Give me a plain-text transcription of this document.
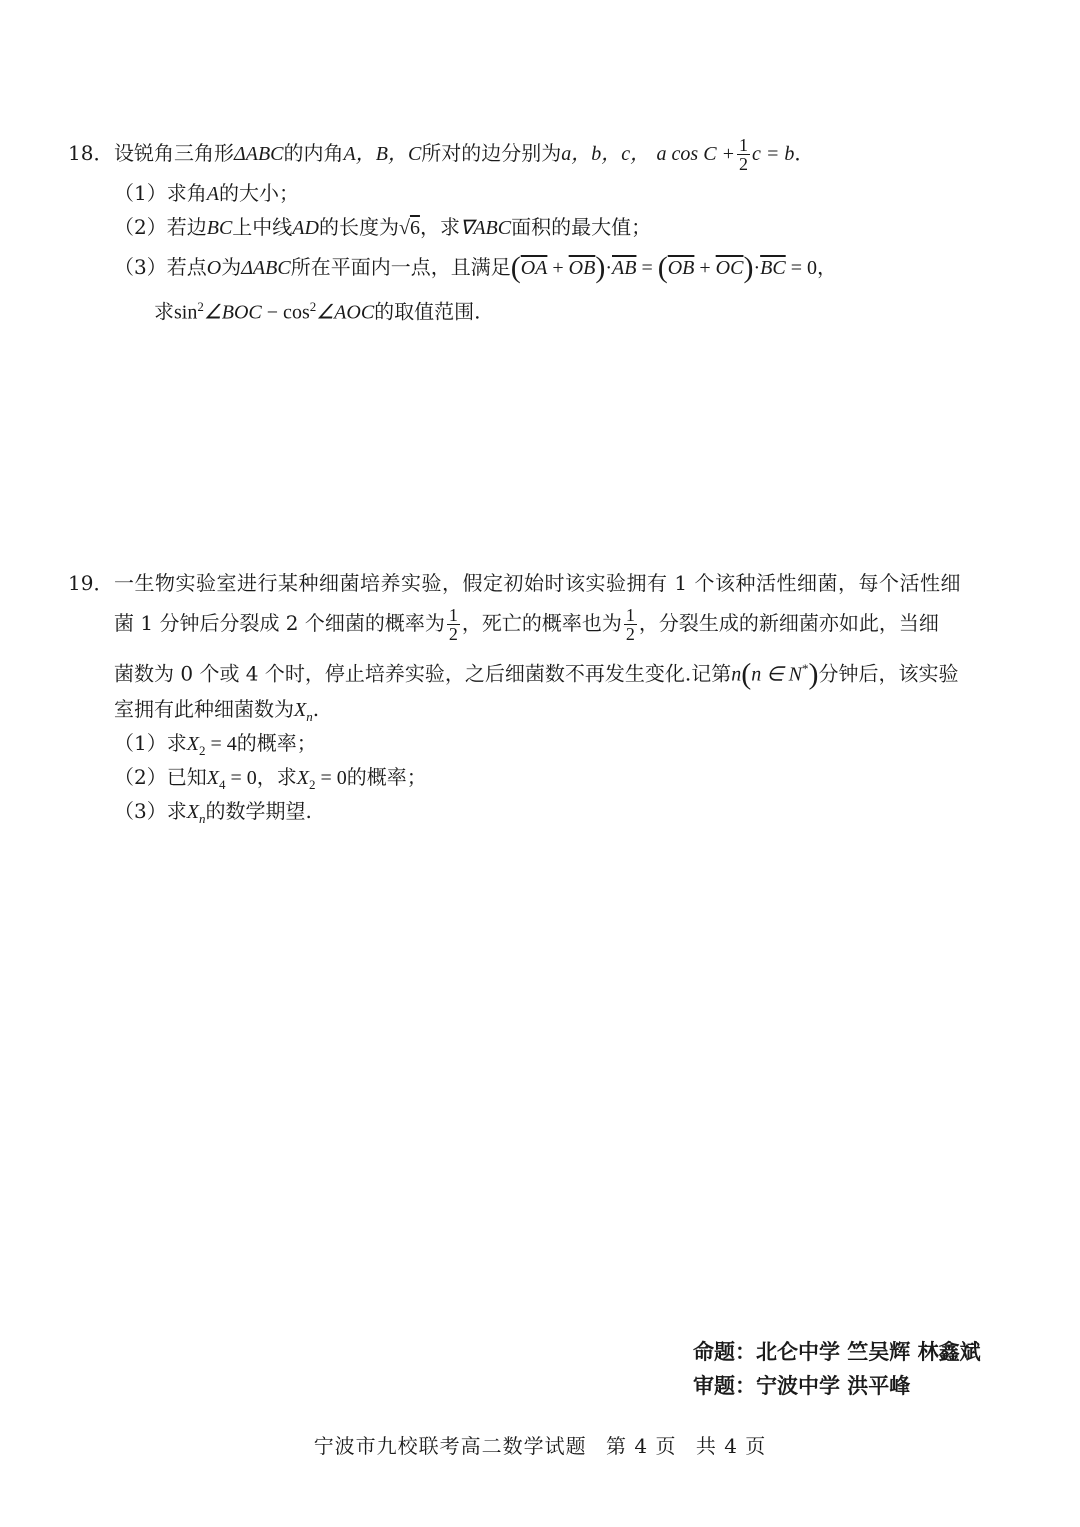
18．设锐角三角形ΔABC的内角A，B，C所对的边分别为a，b，c， a $\cos C + \frac{1}{2}$ c = b．
（1）求角A的大小；
（2）若边BC上中线AD的长度为√6，求∇ABC面积的最大值；
（3）若点O为ΔABC所在平面内一点，且满足$(\overline{OA} + \overline{OB})\cdot\overline{AB} = (\overline{OB} + \overline{OC})\cdot\overline{BC} = 0$，
求$\sin^2\angle BOC$ − $\cos^2\angle AOC$的取值范围.
19．一生物实验室进行某种细菌培养实验，假定初始时该实验拥有 1 个该种活性细菌，每个活性细
菌 1 分钟后分裂成 2 个细菌的概率为 $\frac{1}{2}$ ，死亡的概率也为 $\frac{1}{2}$ ，分裂生成的新细菌亦如此，当细
菌数为 0 个或 4 个时，停止培养实验，之后细菌数不再发生变化.记第n(n ∈ N*)分钟后，该实验
室拥有此种细菌数为$X_n$.
（1）求$X_2 = 4$的概率；
（2）已知$X_4 = 0$，求$X_2 = 0$的概率；
（3）求$X_n$的数学期望.
命题：北仑中学 竺吴辉 林鑫斌
审题：宁波中学 洪平峰
宁波市九校联考高二数学试题 第 4 页 共 4 页
